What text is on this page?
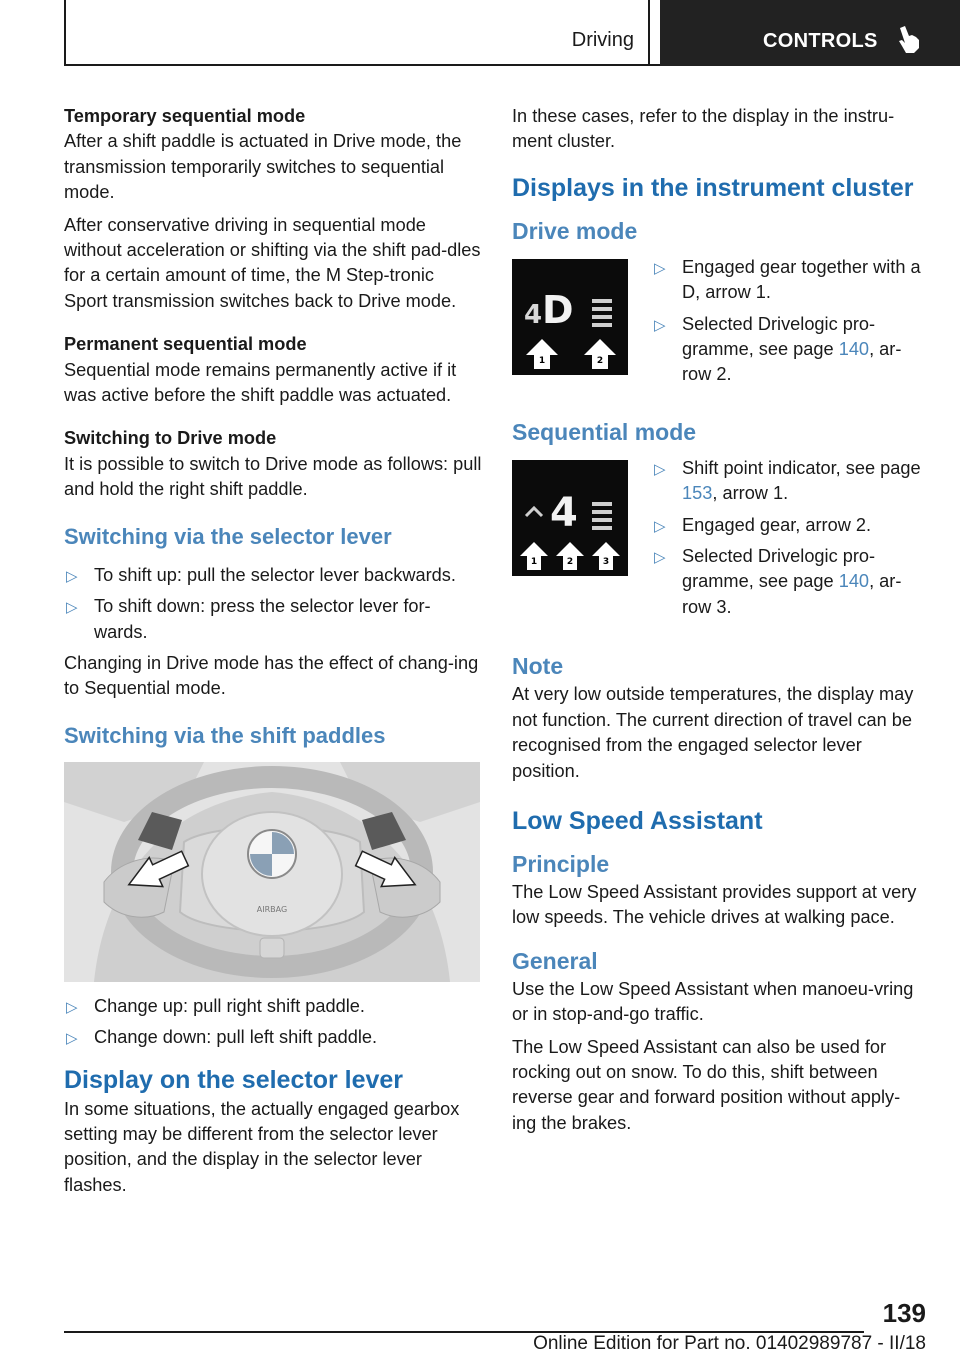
Driving	CONTROLS
Temporary sequential mode

After a shift paddle is actuated in Drive mode, the transmission temporarily switches to sequential mode.

After conservative driving in sequential mode without acceleration or shifting via the shift pad-dles for a certain amount of time, the M Step-tronic Sport transmission switches back to Drive mode.

Permanent sequential mode

Sequential mode remains permanently active if it was active before the shift paddle was actuated.

Switching to Drive mode

It is possible to switch to Drive mode as follows: pull and hold the right shift paddle.

Switching via the selector lever
▷ To shift up: pull the selector lever backwards.
▷ To shift down: press the selector lever for-wards.

Changing in Drive mode has the effect of chang-ing to Sequential mode.

Switching via the shift paddles
AIRBAG
▷ Change up: pull right shift paddle.
▷ Change down: pull left shift paddle.
Display on the selector lever

In some situations, the actually engaged gearbox setting may be different from the selector lever position, and the display in the selector lever flashes.

In these cases, refer to the display in the instru-ment cluster.

Displays in the instrument cluster
Drive mode
4 D
1	2
▷ Engaged gear together with a D, arrow 1.
▷ Selected Drivelogic pro-gramme, see page 140, ar-row 2.
Sequential mode
4
1	2	3
▷ Shift point indicator, see page 153, arrow 1.
▷ Engaged gear, arrow 2.
▷ Selected Drivelogic pro-gramme, see page 140, ar-row 3.
Note

At very low outside temperatures, the display may not function. The current direction of travel can be recognised from the engaged selector lever position.

Low Speed Assistant
Principle

The Low Speed Assistant provides support at very low speeds. The vehicle drives at walking pace.

General

Use the Low Speed Assistant when manoeu-vring or in stop-and-go traffic.

The Low Speed Assistant can also be used for rocking out on snow. To do this, shift between reverse gear and forward position without apply-ing the brakes.

139
Online Edition for Part no. 01402989787 - II/18
